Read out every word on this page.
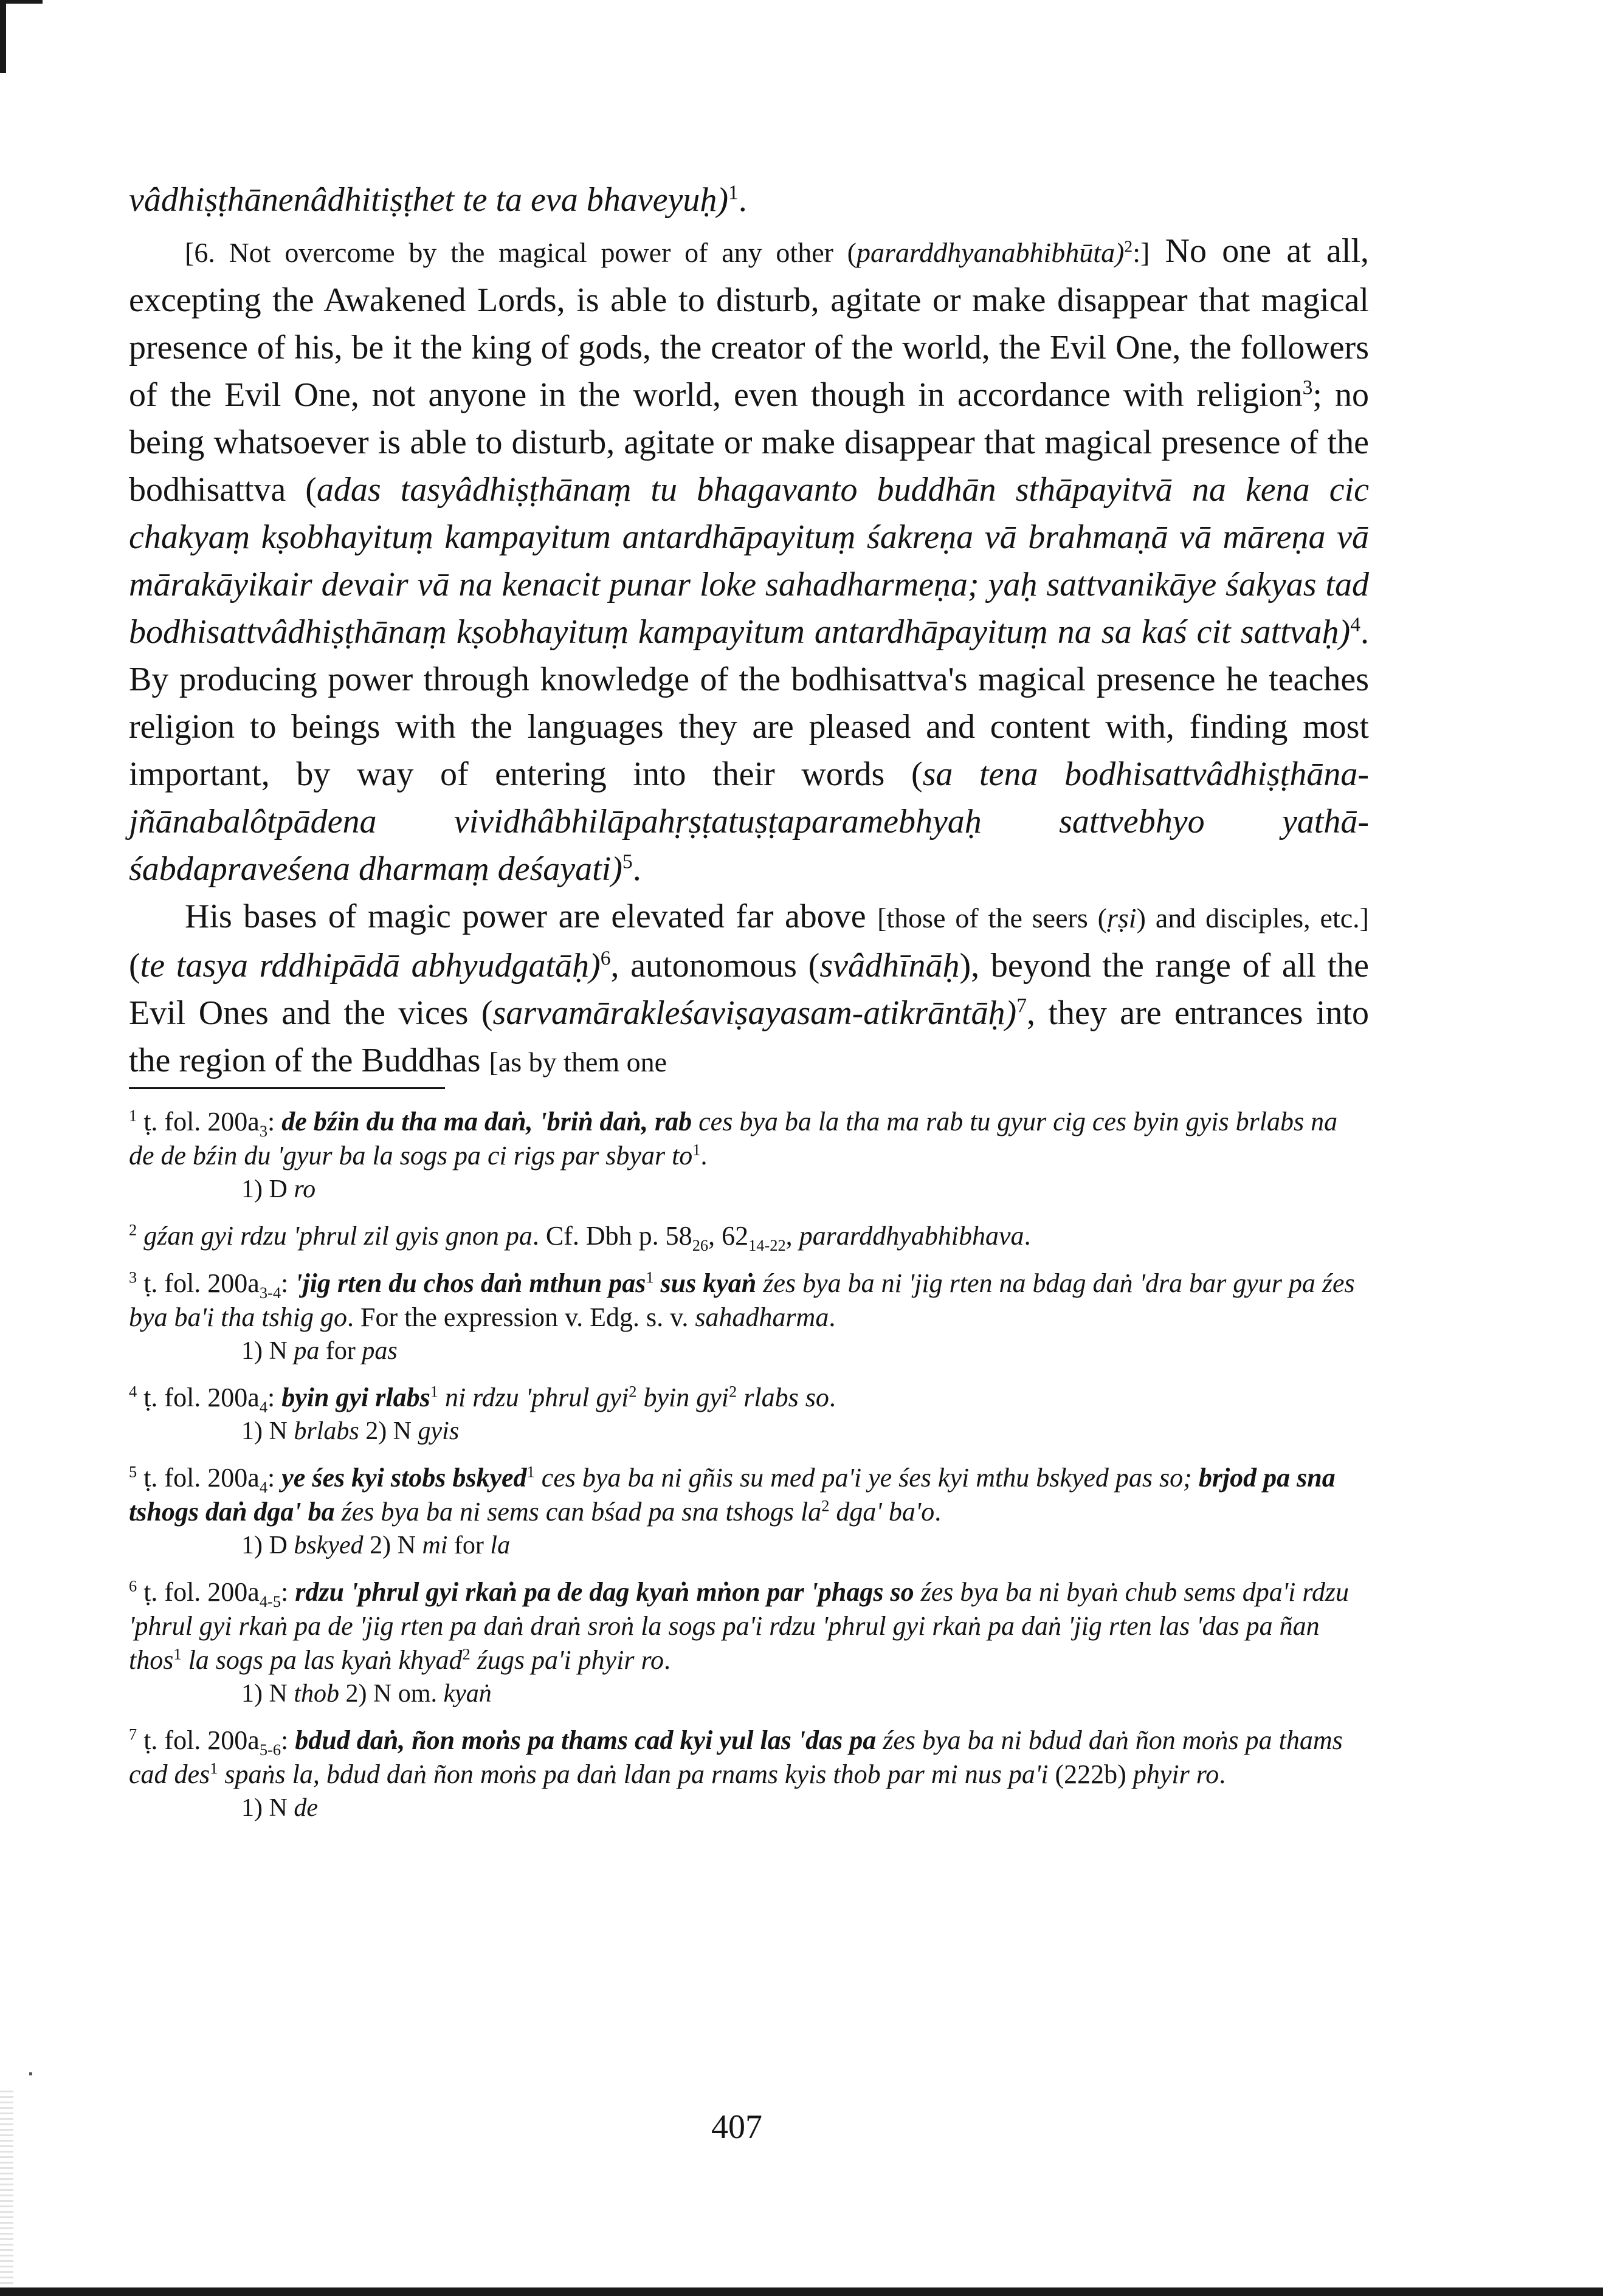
vâdhiṣṭhānenâdhitiṣṭhet te ta eva bhaveyuḥ)$^1$.

[6. Not overcome by the magical power of any other (pararddhyanabhibhūta)$^2$:] No one at all, excepting the Awakened Lords, is able to disturb, agitate or make disappear that magical presence of his, be it the king of gods, the creator of the world, the Evil One, the followers of the Evil One, not anyone in the world, even though in accordance with religion$^3$; no being whatsoever is able to disturb, agitate or make disappear that magical presence of the bodhisattva (adas tasyâdhiṣṭhānaṃ tu bhagavanto buddhān sthāpayitvā na kena cic chakyaṃ kṣobhayituṃ kampayitum antardhāpayituṃ śakreṇa vā brahmaṇā vā māreṇa vā mārakāyikair devair vā na kenacit punar loke sahadharmeṇa; yaḥ sattvanikāye śakyas tad bodhisattvâdhiṣṭhānaṃ kṣobhayituṃ kampayitum antardhāpayituṃ na sa kaś cit sattvaḥ)$^4$. By producing power through knowledge of the bodhisattva's magical presence he teaches religion to beings with the languages they are pleased and content with, finding most important, by way of entering into their words (sa tena bodhisattvâdhiṣṭhāna-jñānabalôtpādena vividhâbhilāpahṛṣṭatuṣṭaparamebhyaḥ sattvebhyo yathā-śabdapraveśena dharmaṃ deśayati)$^5$.

His bases of magic power are elevated far above [those of the seers (ṛṣi) and disciples, etc.] (te tasya rddhipādā abhyudgatāḥ)$^6$, autonomous (svâdhīnāḥ), beyond the range of all the Evil Ones and the vices (sarvamārakleśaviṣayasam-atikrāntāḥ)$^7$, they are entrances into the region of the Buddhas [as by them one

$^1$ ṭ. fol. $200a_3$: de bźin du tha ma daṅ, 'briṅ daṅ, rab ces bya ba la tha ma rab tu gyur cig ces byin gyis brlabs na de de bźin du 'gyur ba la sogs pa ci rigs par sbyar $to^1$.
1) D ro
$^2$ gźan gyi rdzu 'phrul zil gyis gnon pa. Cf. Dbh p. $58_{26}$, $62_{14-22}$, pararddhyabhibhava.
$^3$ ṭ. fol. $200a_{3-4}$: 'jig rten du chos daṅ mthun pas$^1$ sus kyaṅ źes bya ba ni 'jig rten na bdag daṅ 'dra bar gyur pa źes bya ba'i tha tshig go. For the expression v. Edg. s. v. sahadharma.
1) N pa for pas
$^4$ ṭ. fol. $200a_4$: byin gyi rlabs$^1$ ni rdzu 'phrul gyi$^2$ byin gyi$^2$ rlabs so.
1) N brlabs 2) N gyis
$^5$ ṭ. fol. $200a_4$: ye śes kyi stobs bskyed$^1$ ces bya ba ni gñis su med pa'i ye śes kyi mthu bskyed pas so; brjod pa sna tshogs daṅ dga' ba źes bya ba ni sems can bśad pa sna tshogs $la^2$ dga' ba'o.
1) D bskyed 2) N mi for la
$^6$ ṭ. fol. $200a_{4-5}$: rdzu 'phrul gyi rkaṅ pa de dag kyaṅ mṅon par 'phags so źes bya ba ni byaṅ chub sems dpa'i rdzu 'phrul gyi rkaṅ pa de 'jig rten pa daṅ draṅ sroṅ la sogs pa'i rdzu 'phrul gyi rkaṅ pa daṅ 'jig rten las 'das pa ñan thos$^1$ la sogs pa las kyaṅ khyad$^2$ źugs pa'i phyir ro.
1) N thob 2) N om. kyaṅ
$^7$ ṭ. fol. $200a_{5-6}$: bdud daṅ, ñon moṅs pa thams cad kyi yul las 'das pa źes bya ba ni bdud daṅ ñon moṅs pa thams cad des$^1$ spaṅs la, bdud daṅ ñon moṅs pa daṅ ldan pa rnams kyis thob par mi nus pa'i (222b) phyir ro.
1) N de
407
